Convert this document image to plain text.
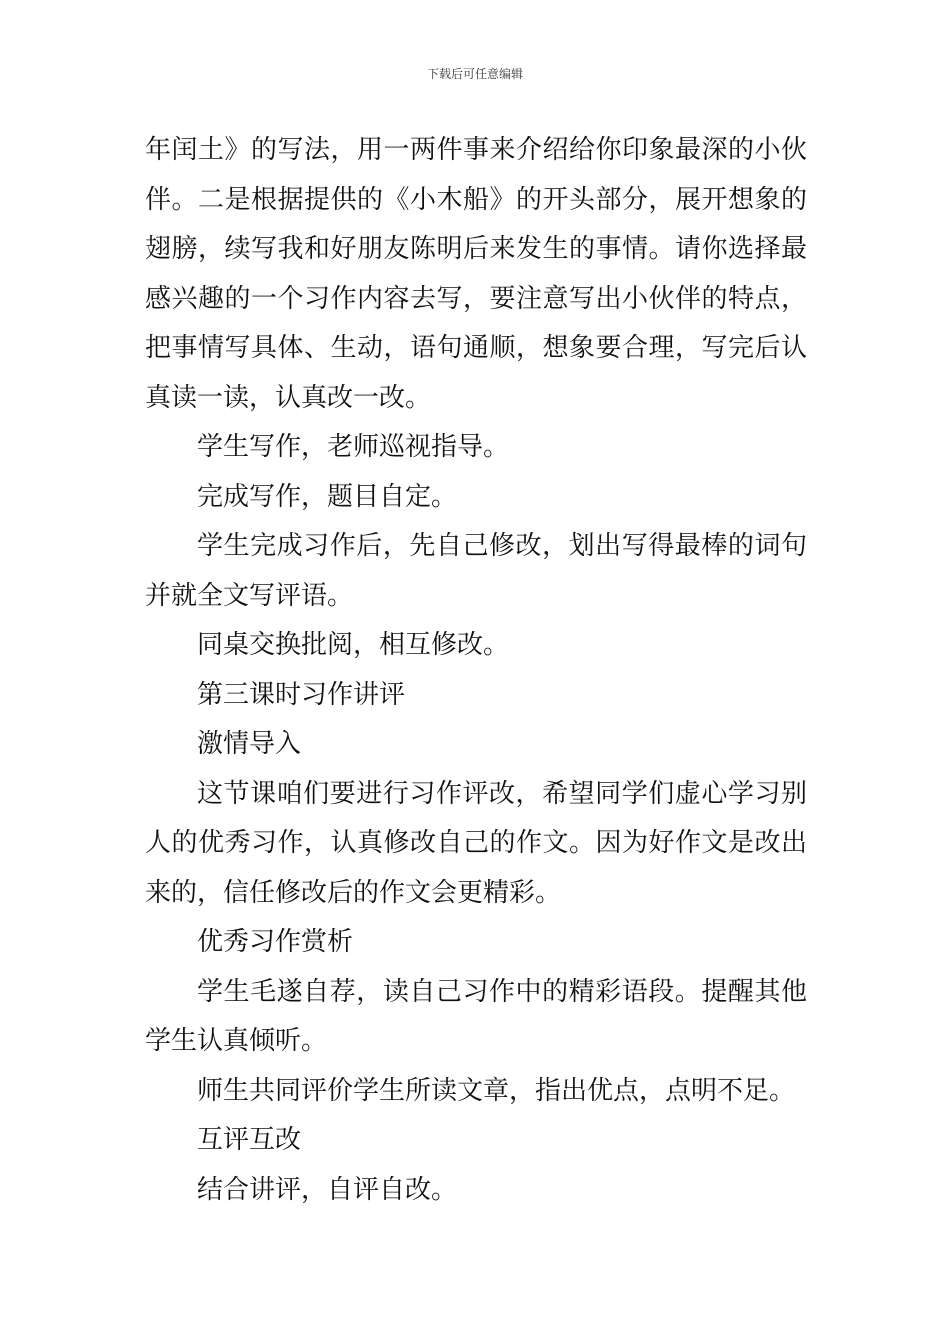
下载后可任意编辑

年闰土》的写法，用一两件事来介绍给你印象最深的小伙伴。二是根据提供的《小木船》的开头部分，展开想象的翅膀，续写我和好朋友陈明后来发生的事情。请你选择最感兴趣的一个习作内容去写，要注意写出小伙伴的特点，把事情写具体、生动，语句通顺，想象要合理，写完后认真读一读，认真改一改。

学生写作，老师巡视指导。

完成写作，题目自定。

学生完成习作后，先自己修改，划出写得最棒的词句并就全文写评语。

同桌交换批阅，相互修改。

第三课时习作讲评

激情导入

这节课咱们要进行习作评改，希望同学们虚心学习别人的优秀习作，认真修改自己的作文。因为好作文是改出来的，信任修改后的作文会更精彩。

优秀习作赏析

学生毛遂自荐，读自己习作中的精彩语段。提醒其他学生认真倾听。

师生共同评价学生所读文章，指出优点，点明不足。

互评互改

结合讲评，自评自改。
